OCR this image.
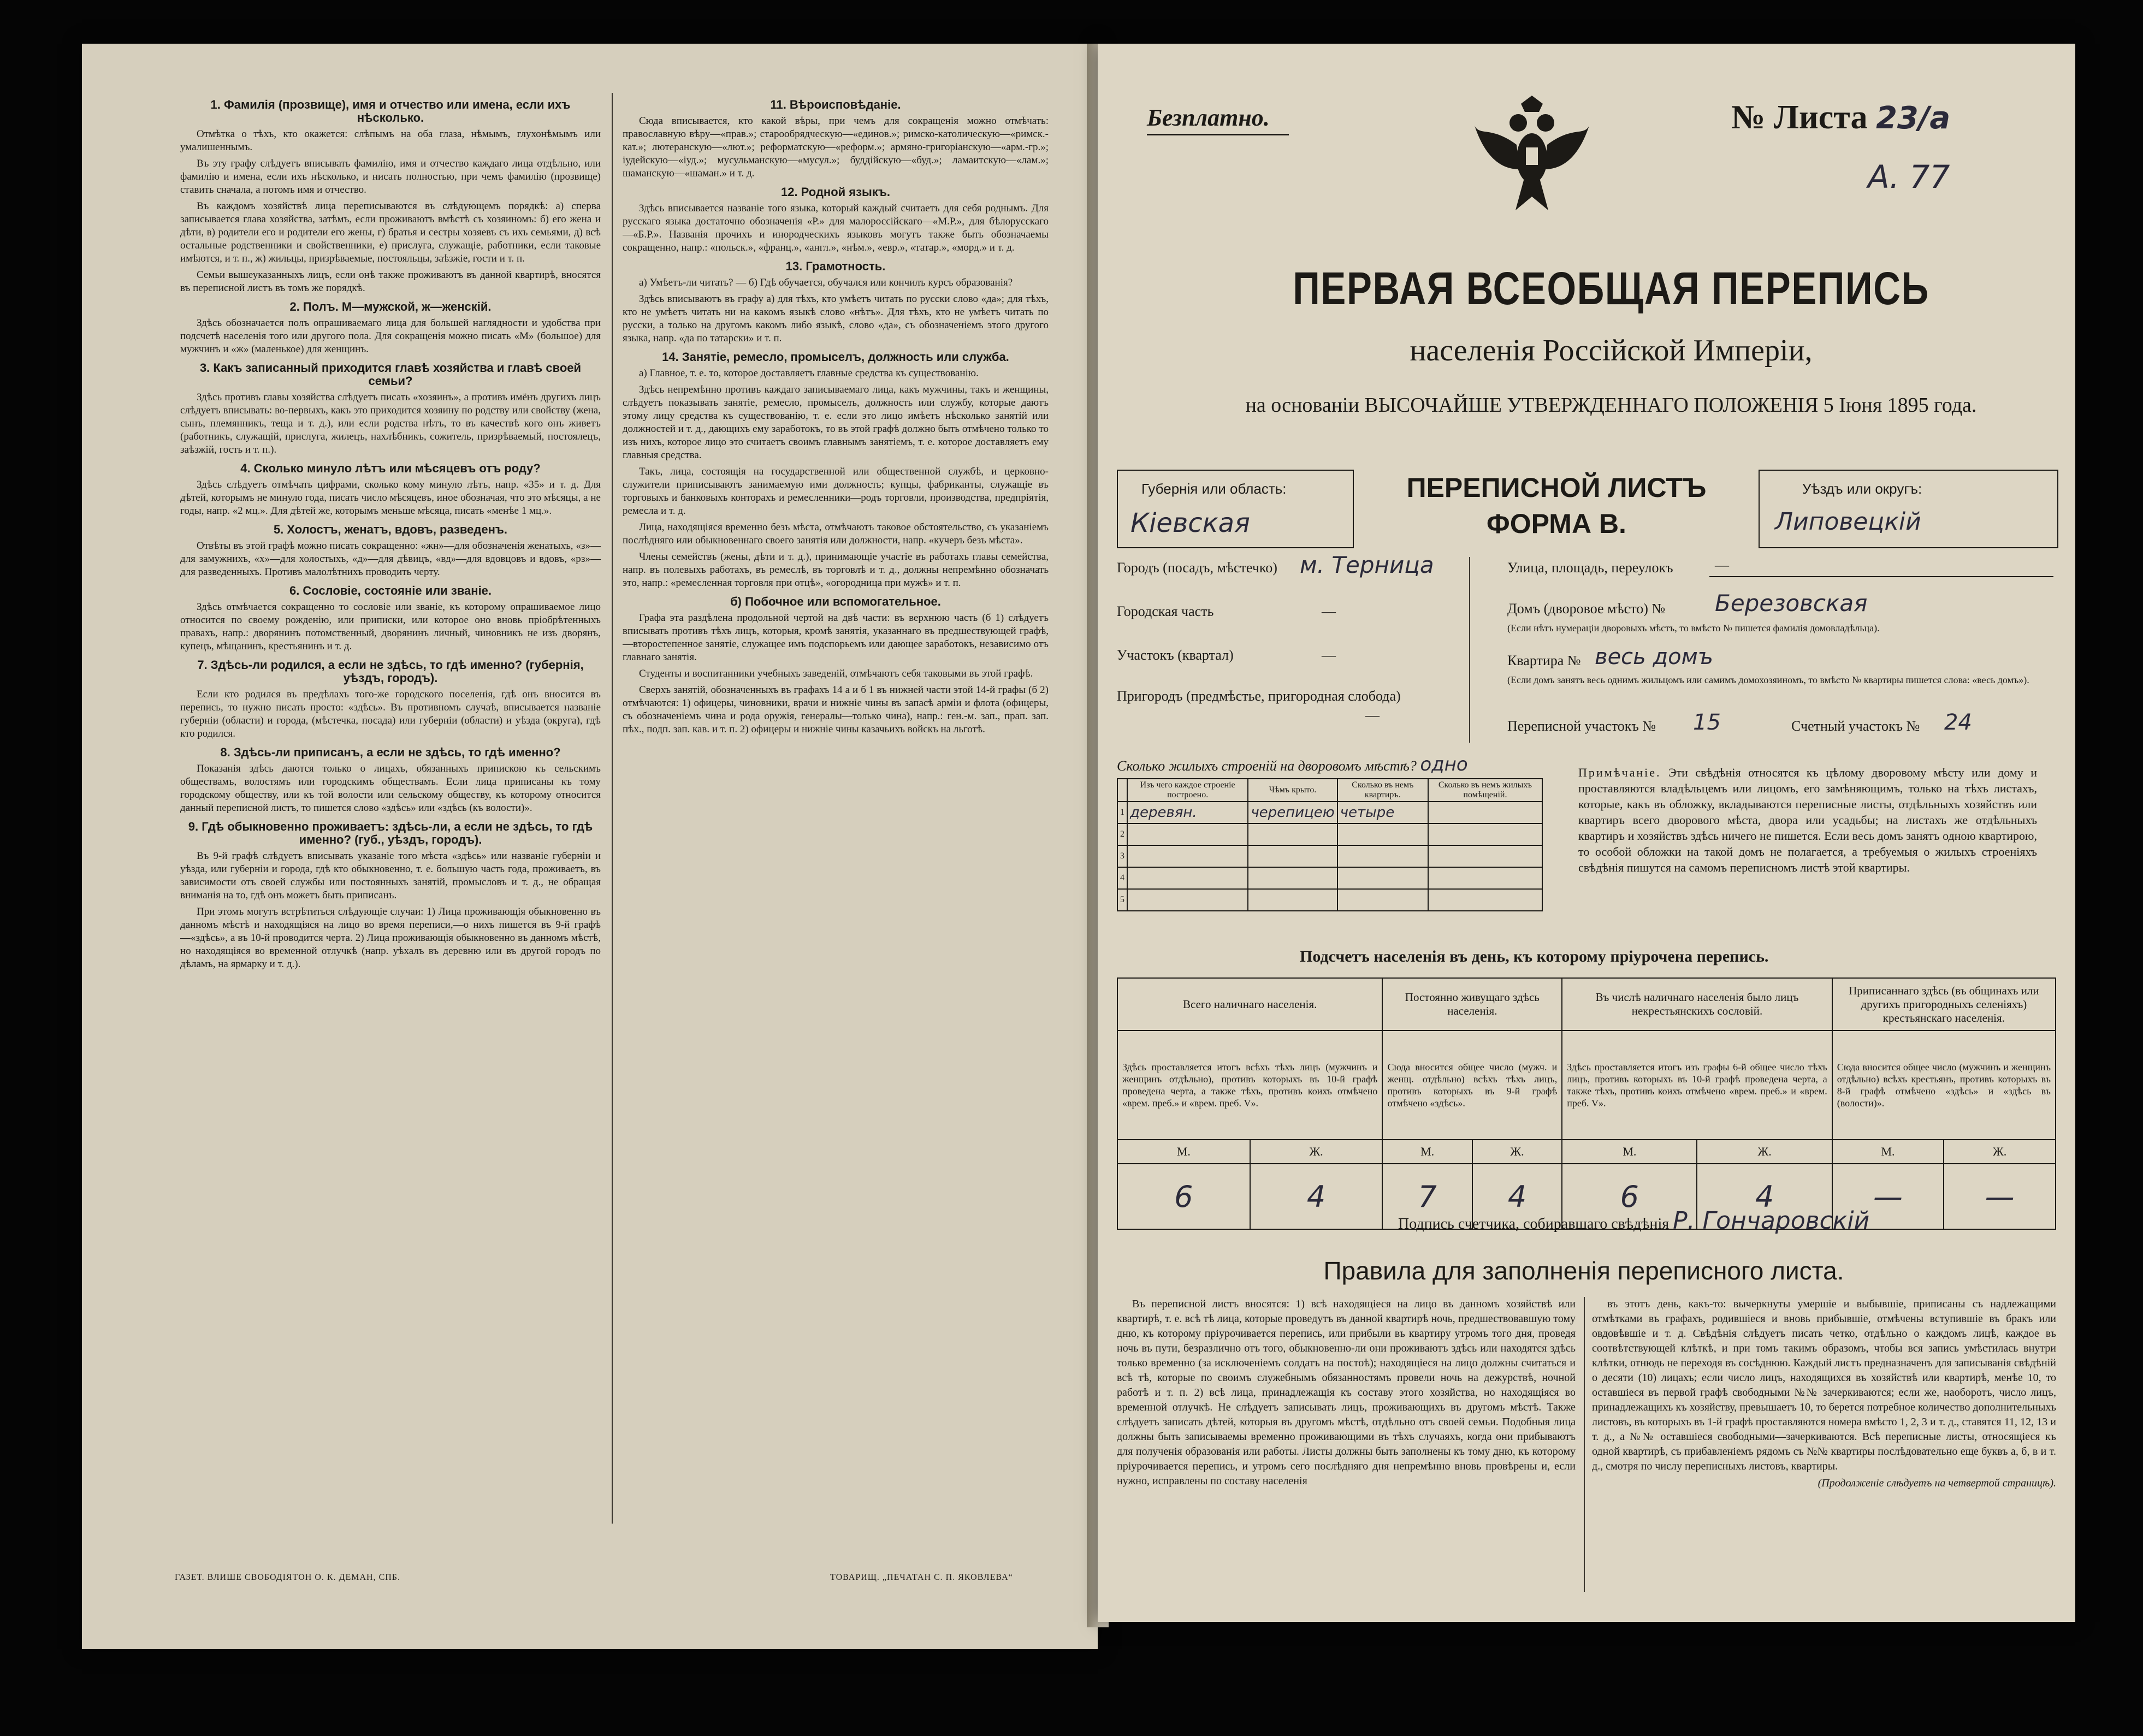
1. Фамилія (прозвище), имя и отчество или имена, если ихъ нѣсколько.

Отмѣтка о тѣхъ, кто окажется: слѣпымъ на оба глаза, нѣмымъ, глухонѣмымъ или умалишеннымъ.

Въ эту графу слѣдуетъ вписывать фамилію, имя и отчество каждаго лица отдѣльно, или фамилію и имена, если ихъ нѣсколько, и нисать полностью, при чемъ фамилію (прозвище) ставить сначала, а потомъ имя и отчество.

Въ каждомъ хозяйствѣ лица переписываются въ слѣдующемъ порядкѣ: а) сперва записывается глава хозяйства, затѣмъ, если проживаютъ вмѣстѣ съ хозяиномъ: б) его жена и дѣти, в) родители его и родители его жены, г) братья и сестры хозяевъ съ ихъ семьями, д) всѣ остальные родственники и свойственники, е) прислуга, служащіе, работники, если таковые имѣются, и т. п., ж) жильцы, призрѣваемые, постояльцы, заѣзжіе, гости и т. п.

Семьи вышеуказанныхъ лицъ, если онѣ также проживаютъ въ данной квартирѣ, вносятся въ переписной листъ въ томъ же порядкѣ.

2. Полъ. М—мужской, ж—женскій.

Здѣсь обозначается полъ опрашиваемаго лица для большей наглядности и удобства при подсчетѣ населенія того или другого пола. Для сокращенія можно писать «М» (большое) для мужчинъ и «ж» (маленькое) для женщинъ.

3. Какъ записанный приходится главѣ хозяйства и главѣ своей семьи?

Здѣсь противъ главы хозяйства слѣдуетъ писать «хозяинъ», а противъ имёнъ другихъ лицъ слѣдуетъ вписывать: во-первыхъ, какъ это приходится хозяину по родству или свойству (жена, сынъ, племянникъ, теща и т. д.), или если родства нѣтъ, то въ качествѣ кого онъ живетъ (работникъ, служащій, прислуга, жилецъ, нахлѣбникъ, сожитель, призрѣваемый, постоялецъ, заѣзжій, гость и т. п.).

4. Сколько минуло лѣтъ или мѣсяцевъ отъ роду?

Здѣсь слѣдуетъ отмѣчать цифрами, сколько кому минуло лѣтъ, напр. «35» и т. д. Для дѣтей, которымъ не минуло года, писать число мѣсяцевъ, иное обозначая, что это мѣсяцы, а не годы, напр. «2 мц.». Для дѣтей же, которымъ меньше мѣсяца, писать «менѣе 1 мц.».

5. Холостъ, женатъ, вдовъ, разведенъ.

Отвѣты въ этой графѣ можно писать сокращенно: «жн»—для обозначенія женатыхъ, «з»—для замужнихъ, «х»—для холостыхъ, «д»—для дѣвицъ, «вд»—для вдовцовъ и вдовъ, «рз»—для разведенныхъ. Противъ малолѣтнихъ проводить черту.

6. Сословіе, состояніе или званіе.

Здѣсь отмѣчается сокращенно то сословіе или званіе, къ которому опрашиваемое лицо относится по своему рожденію, или приписки, или которое оно вновь пріобрѣтенныхъ правахъ, напр.: дворянинъ потомственный, дворянинъ личный, чиновникъ не изъ дворянъ, купецъ, мѣщанинъ, крестьянинъ и т. д.

7. Здѣсь-ли родился, а если не здѣсь, то гдѣ именно? (губернія, уѣздъ, городъ).

Если кто родился въ предѣлахъ того-же городского поселенія, гдѣ онъ вносится въ перепись, то нужно писать просто: «здѣсь». Въ противномъ случаѣ, вписывается названіе губерніи (области) и города, (мѣстечка, посада) или губерніи (области) и уѣзда (округа), гдѣ кто родился.

8. Здѣсь-ли приписанъ, а если не здѣсь, то гдѣ именно?

Показанія здѣсь даются только о лицахъ, обязанныхъ припискою къ сельскимъ обществамъ, волостямъ или городскимъ обществамъ. Если лица приписаны къ тому городскому обществу, или къ той волости или сельскому обществу, къ которому относится данный переписной листъ, то пишется слово «здѣсь» или «здѣсь (къ волости)».

9. Гдѣ обыкновенно проживаетъ: здѣсь-ли, а если не здѣсь, то гдѣ именно? (губ., уѣздъ, городъ).

Въ 9-й графѣ слѣдуетъ вписывать указаніе того мѣста «здѣсь» или названіе губерніи и уѣзда, или губерніи и города, гдѣ кто обыкновенно, т. е. большую часть года, проживаетъ, въ зависимости отъ своей службы или постоянныхъ занятій, промысловъ и т. д., не обращая вниманія на то, гдѣ онъ можетъ быть приписанъ.

При этомъ могутъ встрѣтиться слѣдующіе случаи: 1) Лица проживающія обыкновенно въ данномъ мѣстѣ и находящіяся на лицо во время переписи,—о нихъ пишется въ 9-й графѣ—«здѣсь», а въ 10-й проводится черта. 2) Лица проживающія обыкновенно въ данномъ мѣстѣ, но находящіяся во временной отлучкѣ (напр. уѣхалъ въ деревню или въ другой городъ по дѣламъ, на ярмарку и т. д.).

11. Вѣроисповѣданіе.

Сюда вписывается, кто какой вѣры, при чемъ для сокращенія можно отмѣчать: православную вѣру—«прав.»; старообрядческую—«единов.»; римско-католическую—«римск.-кат.»; лютеранскую—«лют.»; реформатскую—«реформ.»; армяно-григоріанскую—«арм.-гр.»; іудейскую—«іуд.»; мусульманскую—«мусул.»; буддійскую—«буд.»; ламаитскую—«лам.»; шаманскую—«шаман.» и т. д.

12. Родной языкъ.

Здѣсь вписывается названіе того языка, который каждый считаетъ для себя роднымъ. Для русскаго языка достаточно обозначенія «Р.» для малороссійскаго—«М.Р.», для бѣлорусскаго—«Б.Р.». Названія прочихъ и инородческихъ языковъ могутъ также быть обозначаемы сокращенно, напр.: «польск.», «франц.», «англ.», «нѣм.», «евр.», «татар.», «морд.» и т. д.

13. Грамотность.

а) Умѣетъ-ли читать? — б) Гдѣ обучается, обучался или кончилъ курсъ образованія?

Здѣсь вписываютъ въ графу а) для тѣхъ, кто умѣетъ читать по русски слово «да»; для тѣхъ, кто не умѣетъ читать ни на какомъ языкѣ слово «нѣтъ». Для тѣхъ, кто не умѣетъ читать по русски, а только на другомъ какомъ либо языкѣ, слово «да», съ обозначеніемъ этого другого языка, напр. «да по татарски» и т. п.

14. Занятіе, ремесло, промыселъ, должность или служба.

а) Главное, т. е. то, которое доставляетъ главные средства къ существованію.

Здѣсь непремѣнно противъ каждаго записываемаго лица, какъ мужчины, такъ и женщины, слѣдуетъ показывать занятіе, ремесло, промыселъ, должность или службу, которые даютъ этому лицу средства къ существованію, т. е. если это лицо имѣетъ нѣсколько занятій или должностей и т. д., дающихъ ему заработокъ, то въ этой графѣ должно быть отмѣчено только то изъ нихъ, которое лицо это считаетъ своимъ главнымъ занятіемъ, т. е. которое доставляетъ ему главныя средства.

Такъ, лица, состоящія на государственной или общественной службѣ, и церковно-служители приписываютъ занимаемую ими должность; купцы, фабриканты, служащіе въ торговыхъ и банковыхъ конторахъ и ремесленники—родъ торговли, производства, предпріятія, ремесла и т. д.

Лица, находящіяся временно безъ мѣста, отмѣчаютъ таковое обстоятельство, съ указаніемъ послѣдняго или обыкновеннаго своего занятія или должности, напр. «кучеръ безъ мѣста».

Члены семействъ (жены, дѣти и т. д.), принимающіе участіе въ работахъ главы семейства, напр. въ полевыхъ работахъ, въ ремеслѣ, въ торговлѣ и т. д., должны непремѣнно обозначать это, напр.: «ремесленная торговля при отцѣ», «огородница при мужѣ» и т. п.

б) Побочное или вспомогательное.

Графа эта раздѣлена продольной чертой на двѣ части: въ верхнюю часть (б 1) слѣдуетъ вписывать противъ тѣхъ лицъ, которыя, кромѣ занятія, указаннаго въ предшествующей графѣ,—второстепенное занятіе, служащее имъ подспорьемъ или дающее заработокъ, независимо отъ главнаго занятія.

Студенты и воспитанники учебныхъ заведеній, отмѣчаютъ себя таковыми въ этой графѣ.

Сверхъ занятій, обозначенныхъ въ графахъ 14 а и б 1 въ нижней части этой 14-й графы (б 2) отмѣчаются: 1) офицеры, чиновники, врачи и нижніе чины въ запасѣ арміи и флота (офицеры, съ обозначеніемъ чина и рода оружія, генералы—только чина), напр.: ген.-м. зап., прап. зап. пѣх., подп. зап. кав. и т. п. 2) офицеры и нижніе чины казачьихъ войскъ на льготѣ.

ГАЗЕТ. ВЛИШЕ СВОБОДІЯТОН О. К. ДЕМАН, СПБ.	ТОВАРИЩ. „ПЕЧАТАН С. П. ЯКОВЛЕВА“
Безплатно.	№ Листа 23/а
А. 77
ПЕРВАЯ ВСЕОБЩАЯ ПЕРЕПИСЬ
населенія Россійской Имперіи,
на основаніи ВЫСОЧАЙШЕ УТВЕРЖДЕННАГО ПОЛОЖЕНІЯ 5 Іюня 1895 года.
Губернія или область:
Кіевская
ПЕРЕПИСНОЙ ЛИСТЪ
ФОРМА В.
Уѣздъ или округъ:
Липовецкій
Городъ (посадъ, мѣстечко) м. Терница
Городская часть	—
Участокъ (квартал)	—
Пригородъ (предмѣстье, пригородная слобода)
—
Улица, площадь, переулокъ	—
Домъ (дворовое мѣсто) № Березовская
(Если нѣтъ нумераціи дворовыхъ мѣстъ, то вмѣсто № пишется фамилія домовладѣльца).
Квартира № весь домъ
(Если домъ занятъ весь однимъ жильцомъ или самимъ домохозяиномъ, то вмѣсто № квартиры пишется слова: «весь домъ»).
Переписной участокъ № 15	Счетный участокъ № 24
Сколько жилыхъ строеній на дворовомъ мѣстѣ? одно
	Изъ чего каждое строеніе построено.	Чѣмъ крыто.	Сколько въ немъ квартиръ.	Сколько въ немъ жилыхъ помѣщеній.
1	деревян.	черепицею	четыре	
2				
3				
4				
5				
Примѣчаніе. Эти свѣдѣнія относятся къ цѣлому дворовому мѣсту или дому и проставляются владѣльцемъ или лицомъ, его замѣняющимъ, только на тѣхъ листахъ, которые, какъ въ обложку, вкладываются переписные листы, отдѣльныхъ хозяйствъ или квартиръ всего дворового мѣста, двора или усадьбы; на листахъ же отдѣльныхъ квартиръ и хозяйствъ здѣсь ничего не пишется. Если весь домъ занятъ одною квартирою, то особой обложки на такой домъ не полагается, а требуемыя о жилыхъ строеніяхъ свѣдѣнія пишутся на самомъ переписномъ листѣ этой квартиры.
Подсчетъ населенія въ день, къ которому пріурочена перепись.
Всего наличнаго населенія.		Постоянно живущаго здѣсь населенія.		Въ числѣ наличнаго населенія было лицъ некрестьянскихъ сословій.		Приписаннаго здѣсь (въ общинахъ или другихъ пригородныхъ селеніяхъ) крестьянскаго населенія.	
Здѣсь проставляется итогъ всѣхъ тѣхъ лицъ (мужчинъ и женщинъ отдѣльно), противъ которыхъ въ 10-й графѣ проведена черта, а также тѣхъ, противъ коихъ отмѣчено «врем. преб.» и «врем. преб. V».		Сюда вносится общее число (мужч. и женщ. отдѣльно) всѣхъ тѣхъ лицъ, противъ которыхъ въ 9-й графѣ отмѣчено «здѣсь».		Здѣсь проставляется итогъ изъ графы 6-й общее число тѣхъ лицъ, противъ которыхъ въ 10-й графѣ проведена черта, а также тѣхъ, противъ коихъ отмѣчено «врем. преб.» и «врем. преб. V».		Сюда вносится общее число (мужчинъ и женщинъ отдѣльно) всѣхъ крестьянъ, противъ которыхъ въ 8-й графѣ отмѣчено «здѣсь» и «здѣсь въ (волости)».	
М.	Ж.	М.	Ж.	М.	Ж.	М.	Ж.
6	4	7	4	6	4	—	—
Подпись счетчика, собиравшаго свѣдѣнія Р. Гончаровскій
Правила для заполненія переписного листа.

Въ переписной листъ вносятся: 1) всѣ находящіеся на лицо въ данномъ хозяйствѣ или квартирѣ, т. е. всѣ тѣ лица, которые проведутъ въ данной квартирѣ ночь, предшествовавшую тому дню, къ которому пріурочивается перепись, или прибыли въ квартиру утромъ того дня, проведя ночь въ пути, безразлично отъ того, обыкновенно-ли они проживаютъ здѣсь или находятся здѣсь только временно (за исключеніемъ солдатъ на постоѣ); находящіеся на лицо должны считаться и всѣ тѣ, которые по своимъ служебнымъ обязанностямъ провели ночь на дежурствѣ, ночной работѣ и т. п. 2) всѣ лица, принадлежащія къ составу этого хозяйства, но находящіяся во временной отлучкѣ. Не слѣдуетъ записывать лицъ, проживающихъ въ другомъ мѣстѣ. Также слѣдуетъ записать дѣтей, которыя въ другомъ мѣстѣ, отдѣльно отъ своей семьи. Подобныя лица должны быть записываемы временно проживающими въ тѣхъ случаяхъ, когда они прибываютъ для полученія образованія или работы. Листы должны быть заполнены къ тому дню, къ которому пріурочивается перепись, и утромъ сего послѣдняго дня непремѣнно вновь провѣрены и, если нужно, исправлены по составу населенія

въ этотъ день, какъ-то: вычеркнуты умершіе и выбывшіе, приписаны съ надлежащими отмѣтками въ графахъ, родившіеся и вновь прибывшіе, отмѣчены вступившіе въ бракъ или овдовѣвшіе и т. д. Свѣдѣнія слѣдуетъ писать четко, отдѣльно о каждомъ лицѣ, каждое въ соотвѣтствующей клѣткѣ, и при томъ такимъ образомъ, чтобы вся запись умѣстилась внутри клѣтки, отнюдь не переходя въ сосѣднюю. Каждый листъ предназначенъ для записыванія свѣдѣній о десяти (10) лицахъ; если число лицъ, находящихся въ хозяйствѣ или квартирѣ, менѣе 10, то оставшіеся въ первой графѣ свободными №№ зачеркиваются; если же, наоборотъ, число лицъ, принадлежащихъ къ хозяйству, превышаетъ 10, то берется потребное количество дополнительныхъ листовъ, въ которыхъ въ 1-й графѣ проставляются номера вмѣсто 1, 2, 3 и т. д., ставятся 11, 12, 13 и т. д., а №№ оставшіеся свободными—зачеркиваются. Всѣ переписные листы, относящіеся къ одной квартирѣ, съ прибавленіемъ рядомъ съ №№ квартиры послѣдовательно еще буквъ а, б, в и т. д., смотря по числу переписныхъ листовъ, квартиры.

(Продолженіе слѣдуетъ на четвертой страницѣ).
